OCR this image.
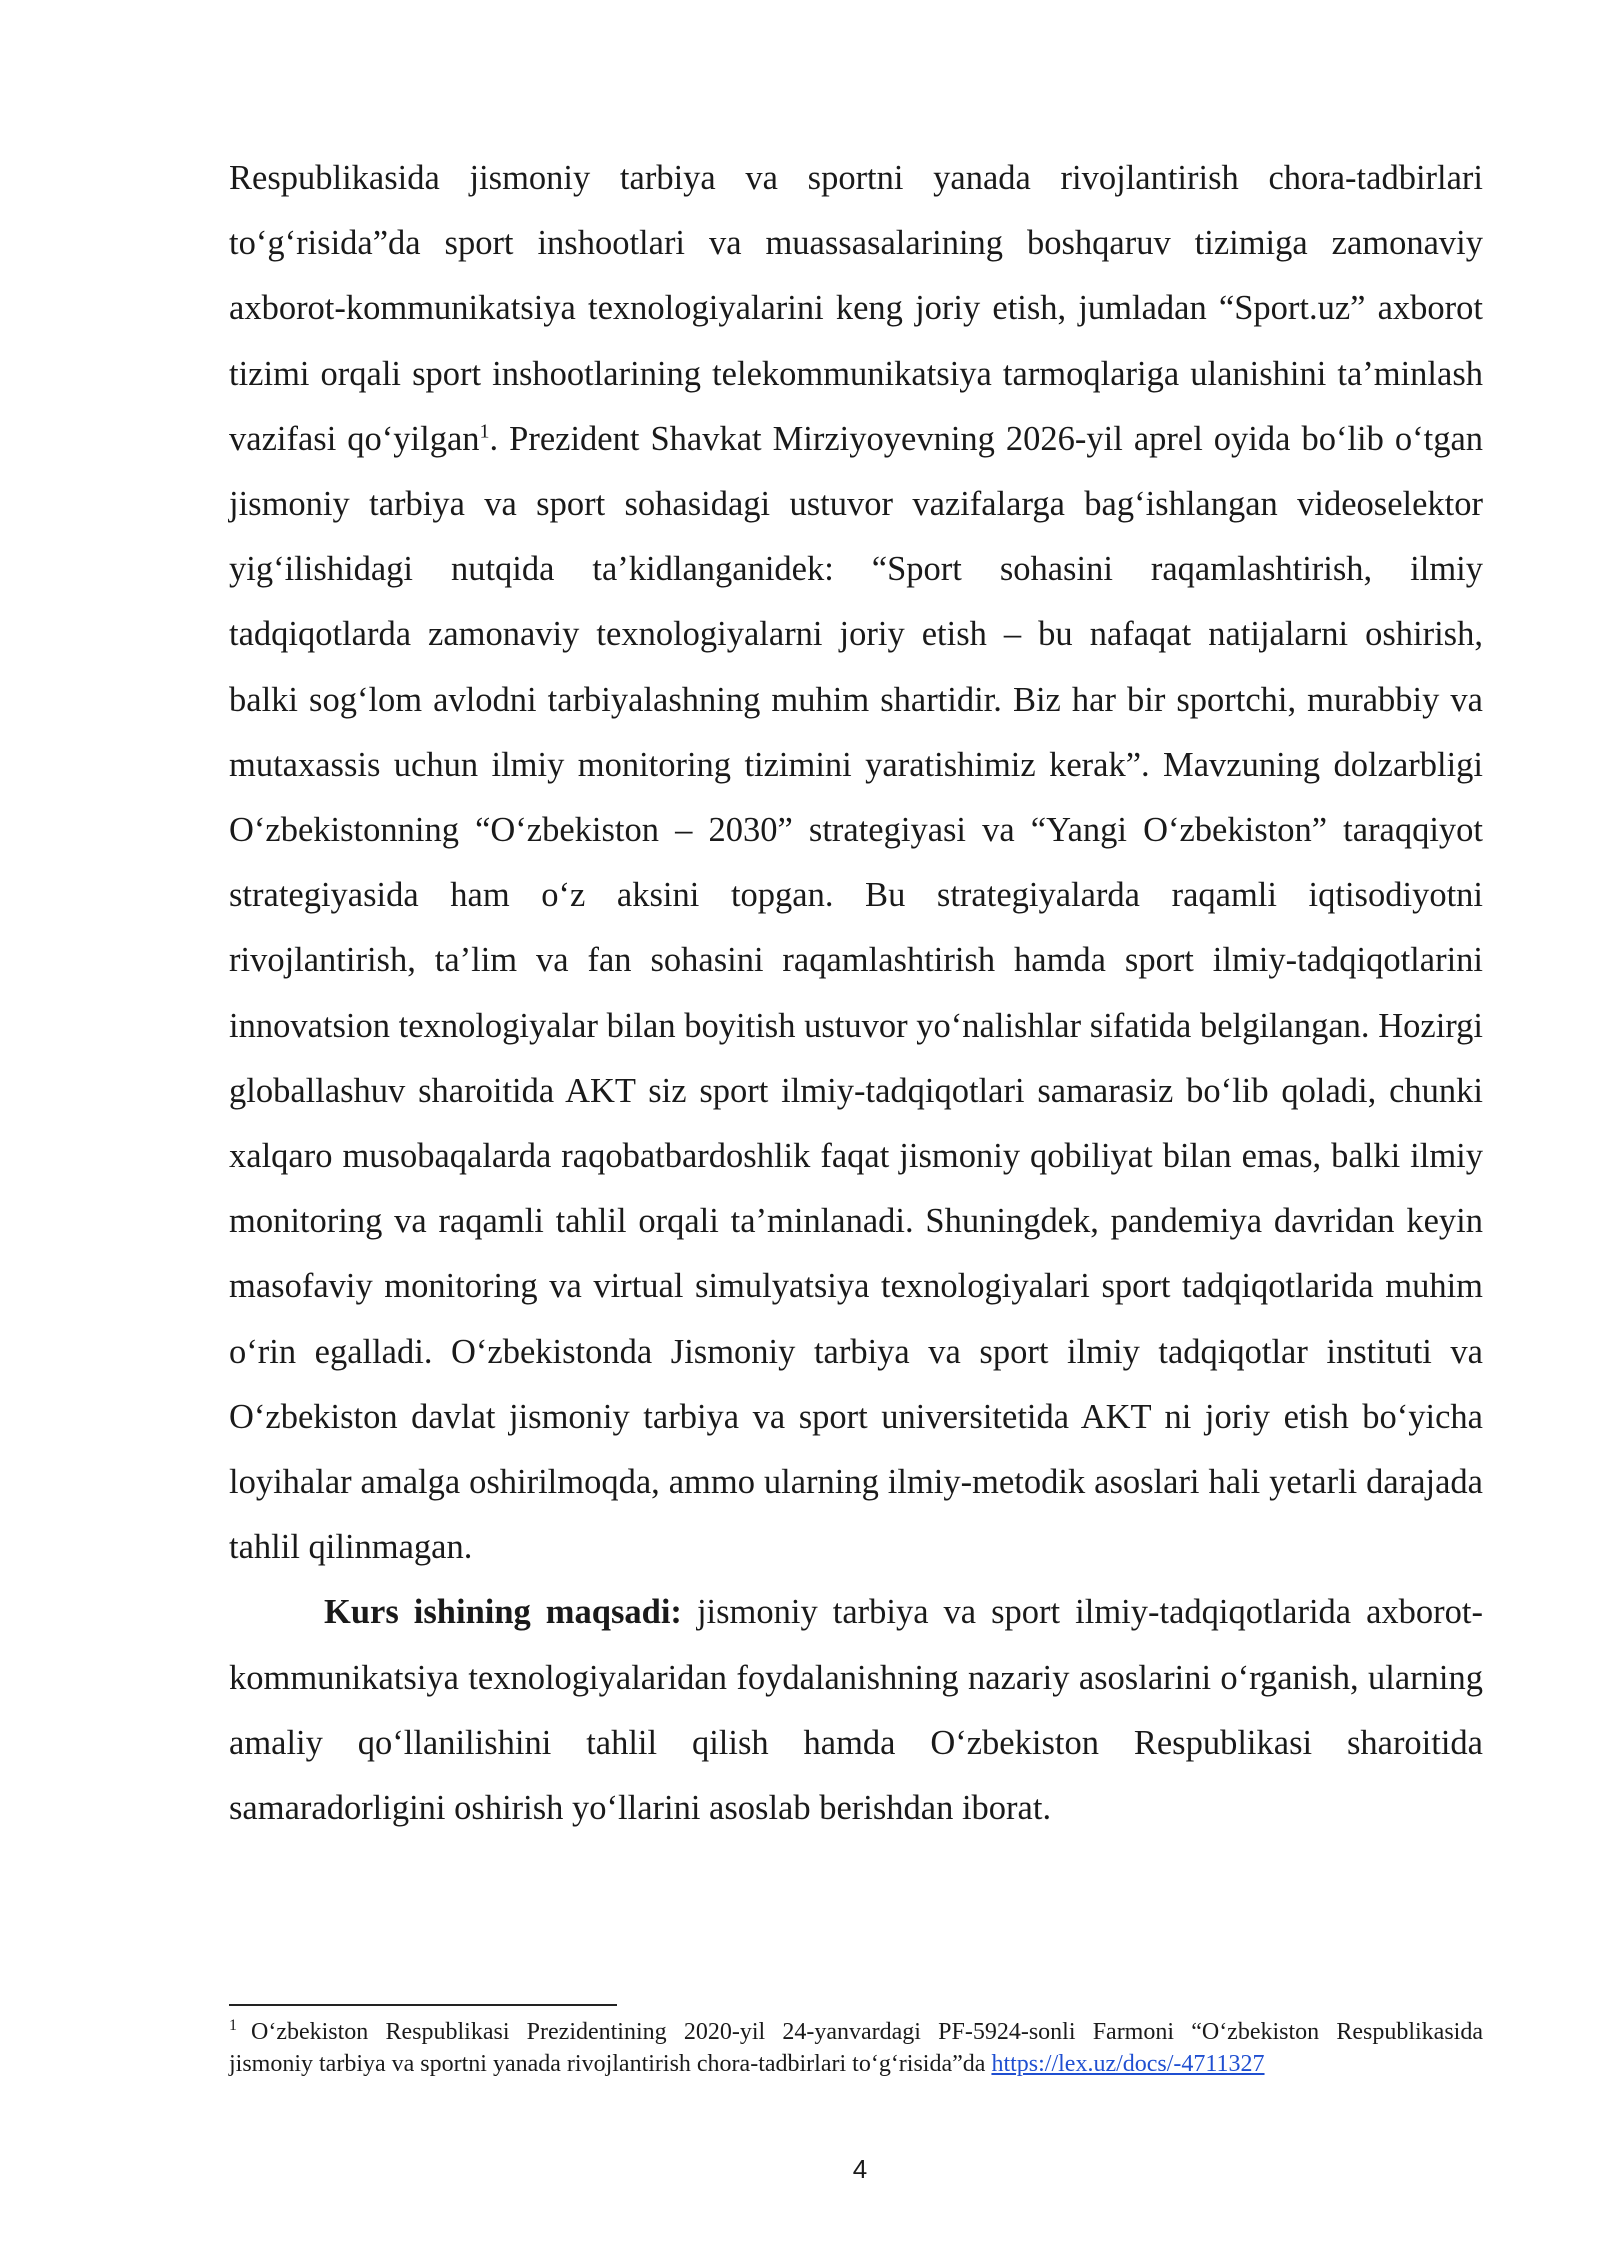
Respublikasida jismoniy tarbiya va sportni yanada rivojlantirish chora-tadbirlari to‘g‘risida”da sport inshootlari va muassasalarining boshqaruv tizimiga zamonaviy axborot-kommunikatsiya texnologiyalarini keng joriy etish, jumladan “Sport.uz” axborot tizimi orqali sport inshootlarining telekommunikatsiya tarmoqlariga ulanishini ta’minlash vazifasi qo‘yilgan$^1$. Prezident Shavkat Mirziyoyevning 2026-yil aprel oyida bo‘lib o‘tgan jismoniy tarbiya va sport sohasidagi ustuvor vazifalarga bag‘ishlangan videoselektor yig‘ilishidagi nutqida ta’kidlanganidek: “Sport sohasini raqamlashtirish, ilmiy tadqiqotlarda zamonaviy texnologiyalarni joriy etish – bu nafaqat natijalarni oshirish, balki sog‘lom avlodni tarbiyalashning muhim shartidir. Biz har bir sportchi, murabbiy va mutaxassis uchun ilmiy monitoring tizimini yaratishimiz kerak”. Mavzuning dolzarbligi O‘zbekistonning “O‘zbekiston – 2030” strategiyasi va “Yangi O‘zbekiston” taraqqiyot strategiyasida ham o‘z aksini topgan. Bu strategiyalarda raqamli iqtisodiyotni rivojlantirish, ta’lim va fan sohasini raqamlashtirish hamda sport ilmiy-tadqiqotlarini innovatsion texnologiyalar bilan boyitish ustuvor yo‘nalishlar sifatida belgilangan. Hozirgi globallashuv sharoitida AKT siz sport ilmiy-tadqiqotlari samarasiz bo‘lib qoladi, chunki xalqaro musobaqalarda raqobatbardoshlik faqat jismoniy qobiliyat bilan emas, balki ilmiy monitoring va raqamli tahlil orqali ta’minlanadi. Shuningdek, pandemiya davridan keyin masofaviy monitoring va virtual simulyatsiya texnologiyalari sport tadqiqotlarida muhim o‘rin egalladi. O‘zbekistonda Jismoniy tarbiya va sport ilmiy tadqiqotlar instituti va O‘zbekiston davlat jismoniy tarbiya va sport universitetida AKT ni joriy etish bo‘yicha loyihalar amalga oshirilmoqda, ammo ularning ilmiy-metodik asoslari hali yetarli darajada tahlil qilinmagan.

Kurs ishining maqsadi: jismoniy tarbiya va sport ilmiy-tadqiqotlarida axborot-kommunikatsiya texnologiyalaridan foydalanishning nazariy asoslarini o‘rganish, ularning amaliy qo‘llanilishini tahlil qilish hamda O‘zbekiston Respublikasi sharoitida samaradorligini oshirish yo‘llarini asoslab berishdan iborat.

$^1$ O‘zbekiston Respublikasi Prezidentining 2020-yil 24-yanvardagi PF-5924-sonli Farmoni “O‘zbekiston Respublikasida jismoniy tarbiya va sportni yanada rivojlantirish chora-tadbirlari to‘g‘risida”da https://lex.uz/docs/-4711327

4
